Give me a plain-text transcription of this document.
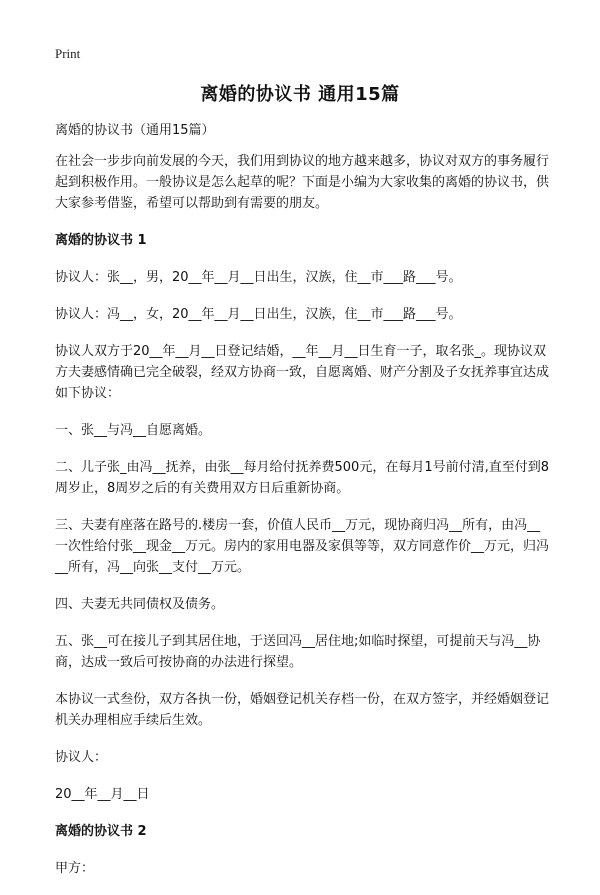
Print
离婚的协议书 通用15篇

离婚的协议书（通用15篇）

在社会一步步向前发展的今天，我们用到协议的地方越来越多，协议对双方的事务履行起到积极作用。一般协议是怎么起草的呢？下面是小编为大家收集的离婚的协议书，供大家参考借鉴，希望可以帮助到有需要的朋友。

离婚的协议书 1

协议人：张__，男，20__年__月__日出生，汉族，住__市___路___号。

协议人：冯__，女，20__年__月__日出生，汉族，住__市___路___号。

协议人双方于20__年__月__日登记结婚，__年__月__日生育一子，取名张_。现协议双方夫妻感情确已完全破裂，经双方协商一致，自愿离婚、财产分割及子女抚养事宜达成如下协议：

一、张__与冯__自愿离婚。

二、儿子张_由冯__抚养，由张__每月给付抚养费500元，在每月1号前付清,直至付到8周岁止，8周岁之后的有关费用双方日后重新协商。

三、夫妻有座落在路号的.楼房一套，价值人民币__万元，现协商归冯__所有，由冯__一次性给付张__现金__万元。房内的家用电器及家俱等等，双方同意作价__万元，归冯__所有，冯__向张__支付__万元。

四、夫妻无共同债权及债务。

五、张__可在接儿子到其居住地，于送回冯__居住地;如临时探望，可提前天与冯__协商，达成一致后可按协商的办法进行探望。

本协议一式叁份，双方各执一份，婚姻登记机关存档一份，在双方签字，并经婚姻登记机关办理相应手续后生效。

协议人：

20__年__月__日

离婚的协议书 2

甲方：
